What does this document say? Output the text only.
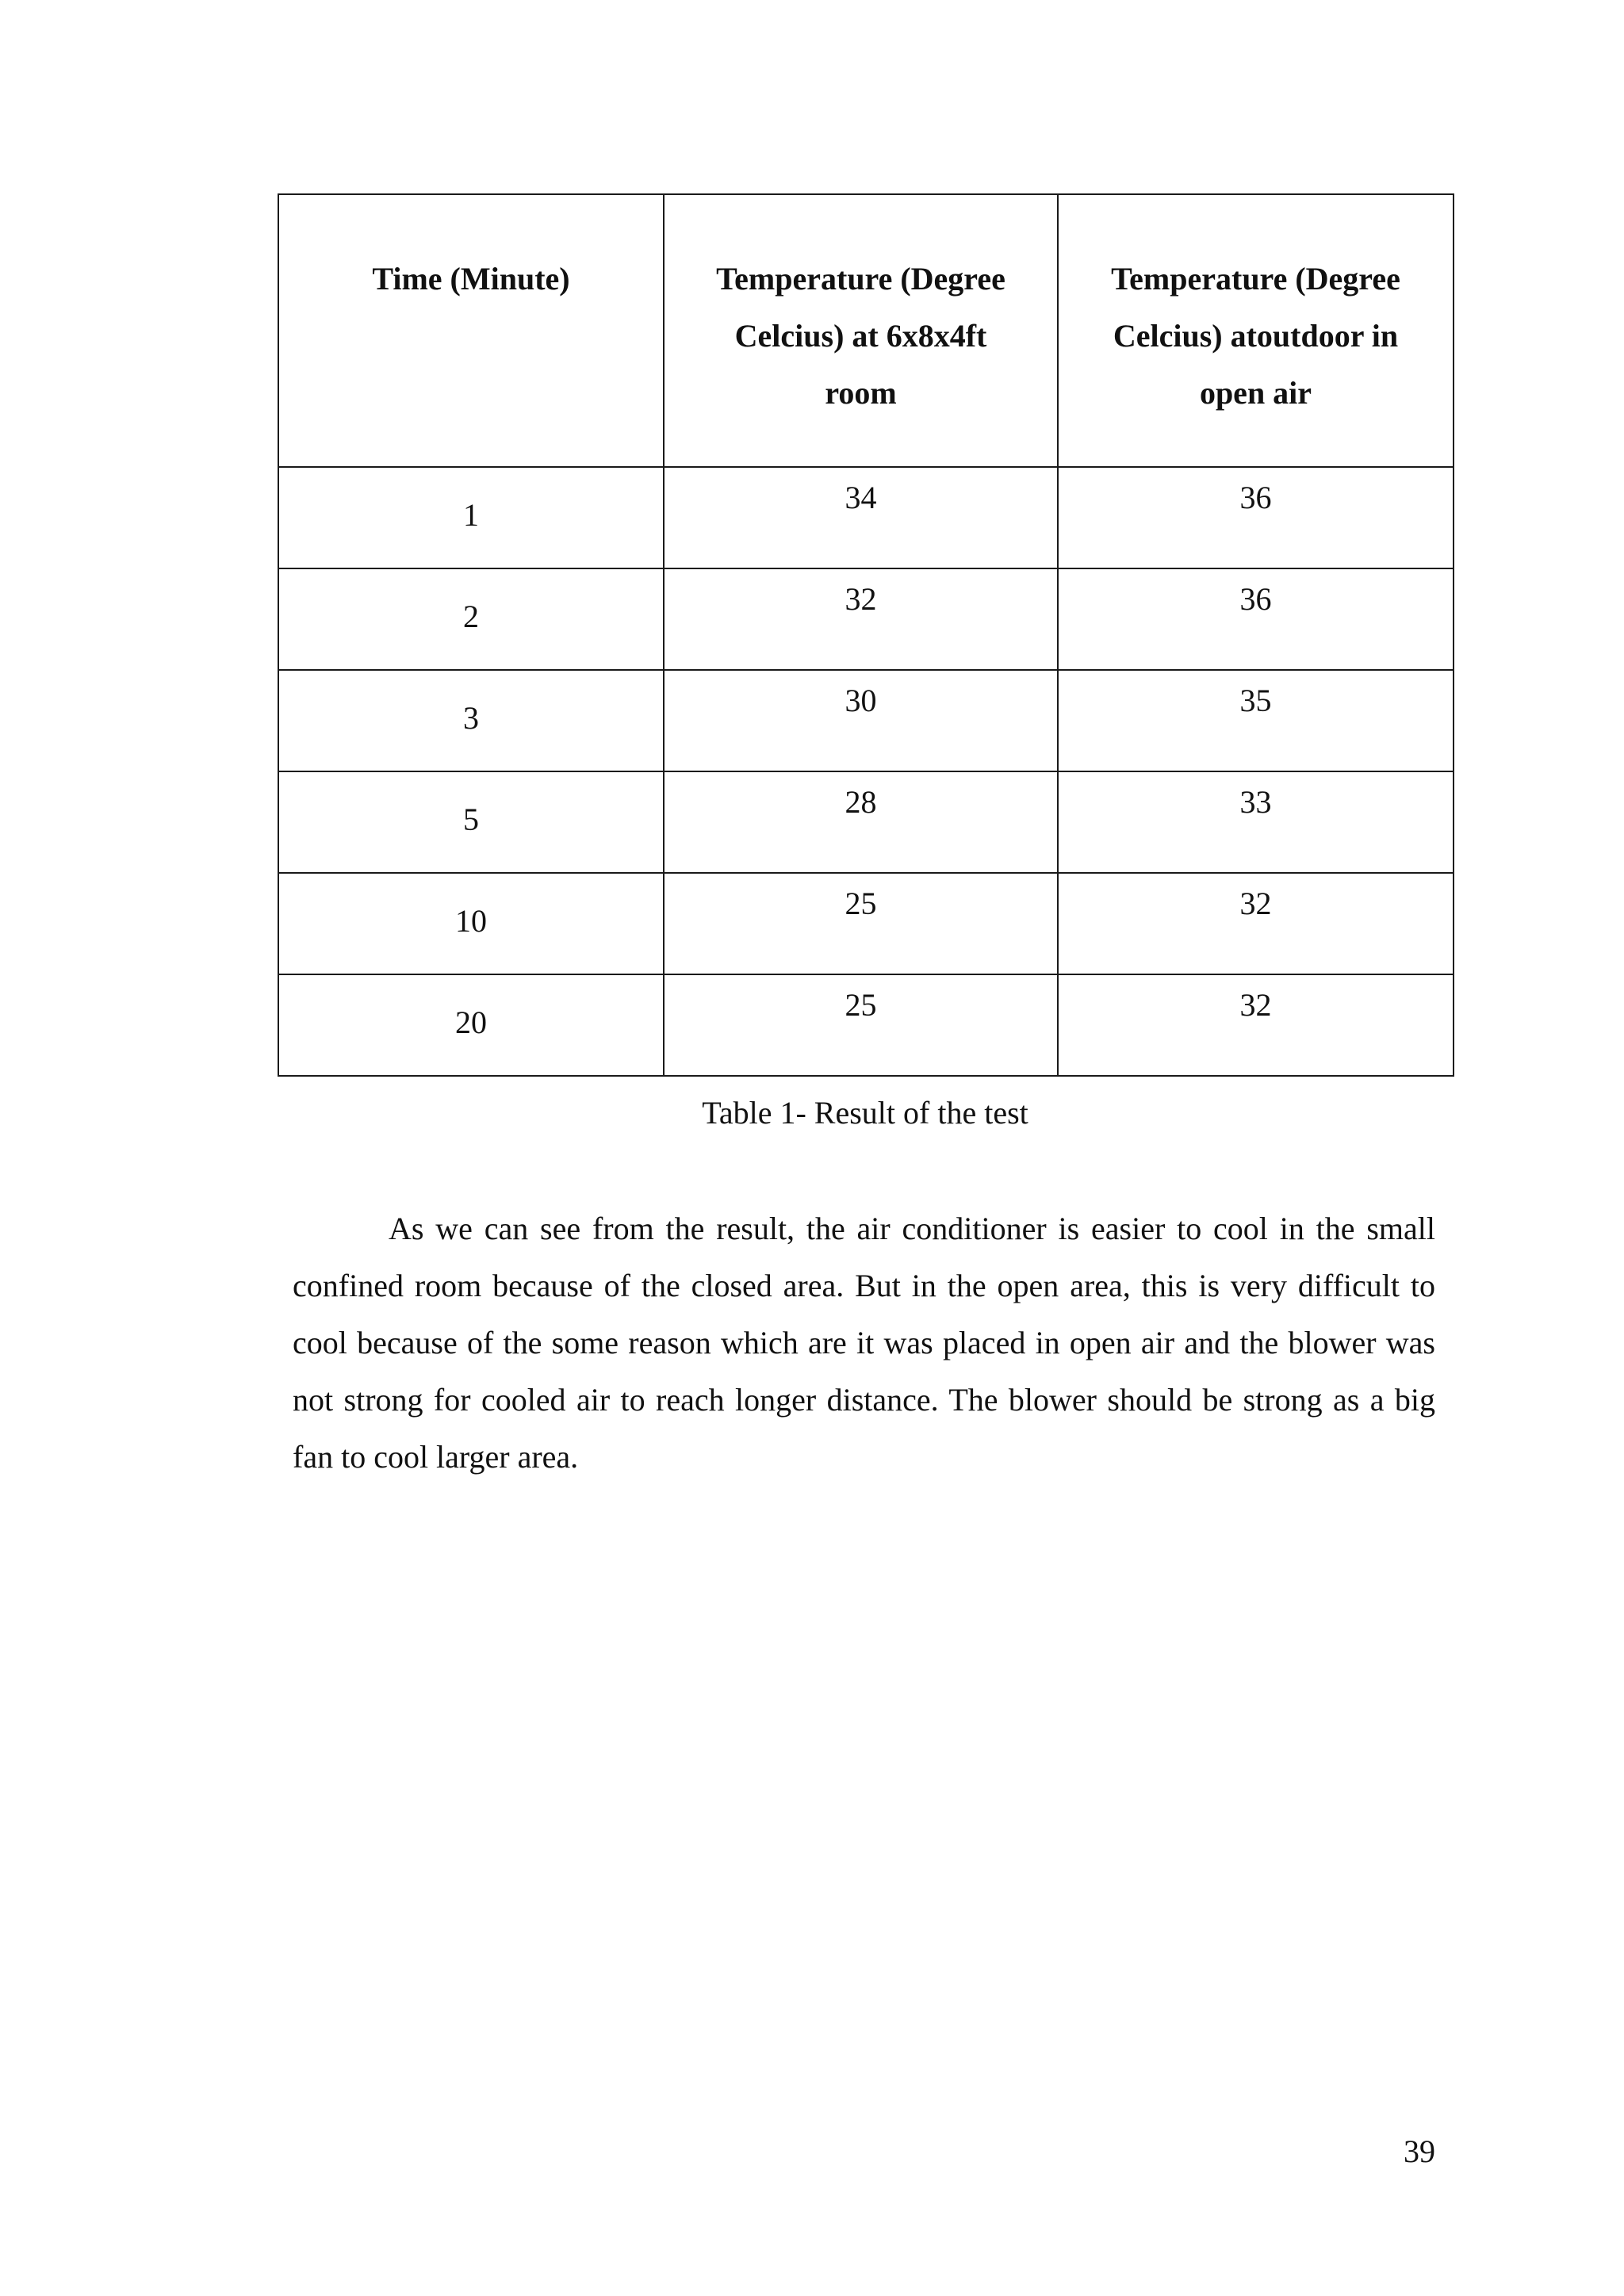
Time (Minute)	Temperature (Degree Celcius) at 6x8x4ft room	Temperature (Degree Celcius) atoutdoor in open air

1	34	36
2	32	36
3	30	35
5	28	33
10	25	32
20	25	32
Table 1- Result of the test

As we can see from the result, the air conditioner is easier to cool in the small confined room because of the closed area. But in the open area, this is very difficult to cool because of the some reason which are it was placed in open air and the blower was not strong for cooled air to reach longer distance. The blower should be strong as a big fan to cool larger area.

39
